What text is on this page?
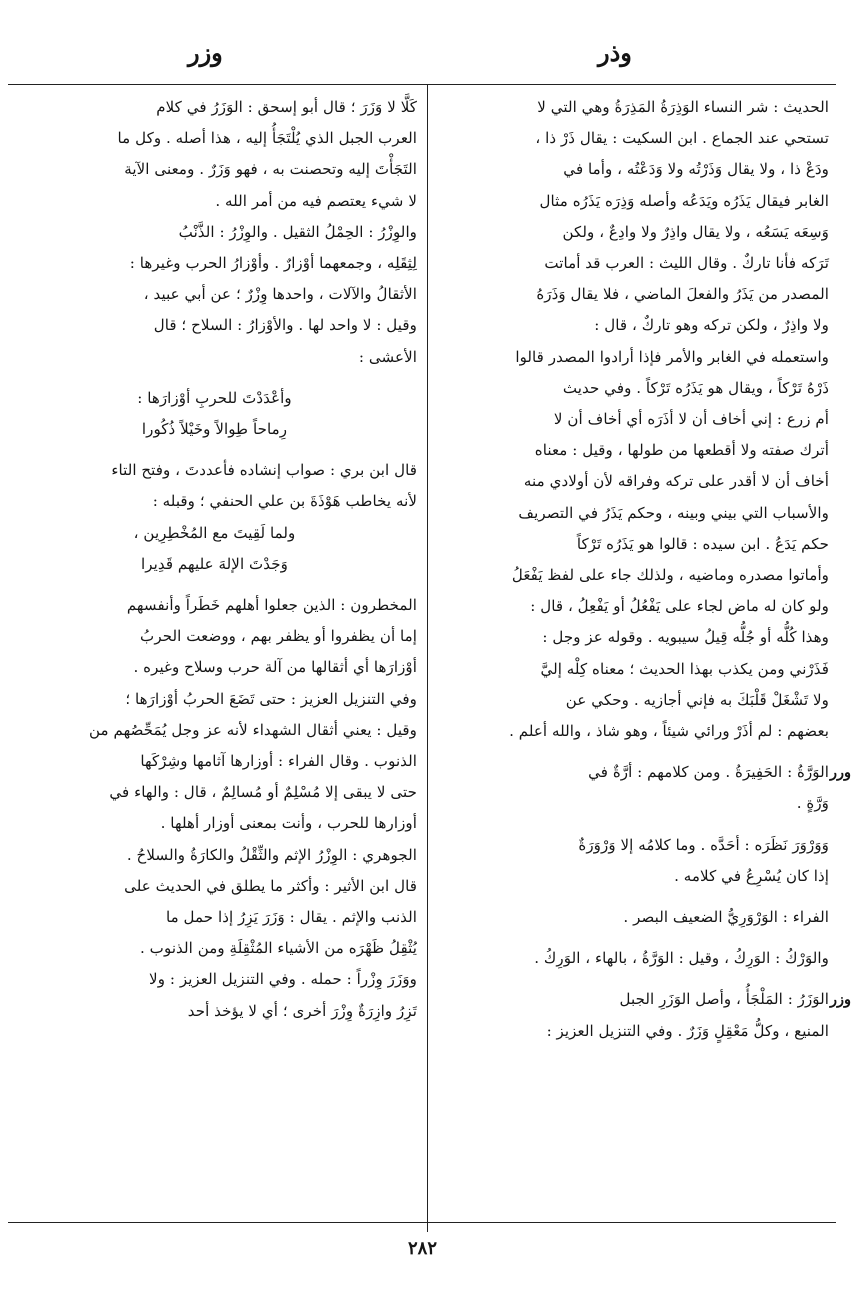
وزر	وذر
الحديث : شر النساء الوَذِرَةُ المَذِرَةُ وهي التي لا
تستحي عند الجماع . ابن السكيت : يقال ذَرْ ذا ،
ودَعْ ذا ، ولا يقال وَذَرْتُه ولا وَدَعْتُه ، وأما في
الغابر فيقال يَذَرُه ويَدَعُه وأصله وَذِرَه يَذَرُه مثال
وَسِعَه يَسَعُه ، ولا يقال واذِرٌ ولا وادِعٌ ، ولكن
تَرَكه فأنا تاركٌ . وقال الليث : العرب قد أماتت
المصدر من يَذَرُ والفعلَ الماضي ، فلا يقال وَذَرَهُ
ولا واذِرٌ ، ولكن تركه وهو تاركٌ ، قال :
واستعمله في الغابر والأمر فإذا أرادوا المصدر قالوا
ذَرْهُ تَرْكاً ، ويقال هو يَذَرُه تَرْكاً . وفي حديث
أم زرع : إني أخاف أن لا أذَرَه أي أخاف أن لا
أترك صفته ولا أقطعها من طولها ، وقيل : معناه
أخاف أن لا أقدر على تركه وفراقه لأن أولادي منه
والأسباب التي بيني وبينه ، وحكم يَذَرُ في التصريف
حكم يَدَعُ . ابن سيده : قالوا هو يَذَرُه تَرْكاً
وأماتوا مصدره وماضيه ، ولذلك جاء على لفظ يَفْعَلُ
ولو كان له ماض لجاء على يَفْعُلُ أو يَفْعِلُ ، قال :
وهذا كُلُّه أو جُلُّه قِيلُ سيبويه . وقوله عز وجل :
فَذَرْني ومن يكذب بهذا الحديث ؛ معناه كِلْه إليَّ
ولا تَشْغَلْ قَلْبَكَ به فإني أجازيه . وحكي عن
بعضهم : لم أذَرْ ورائي شيئاً ، وهو شاذ ، والله أعلم .
ورر
الوَرَّةُ : الحَفِيرَةُ . ومن كلامهم : أرَّةٌ في
وَرَّةٍ .
وَوَرْوَرَ نَظَرَه : أحَدَّه . وما كلامُه إلا وَرْوَرَةٌ
إذا كان يُسْرِعُ في كلامه .
الفراء : الوَرْوَرِيُّ الضعيف البصر .
والوَرْكُ : الوَرِكُ ، وقيل : الوَرَّةُ ، بالهاء ، الوَرِكُ .
وزر
الوَزَرُ : المَلْجَأُ ، وأصل الوَزَرِ الجبل
المنيع ، وكلُّ مَعْقِلٍ وَزَرٌ . وفي التنزيل العزيز :
كَلَّا لا وَزَرَ ؛ قال أبو إسحق : الوَزَرُ في كلام
العرب الجبل الذي يُلْتَجَأُ إليه ، هذا أصله . وكل ما
التَجَأْتَ إليه وتحصنت به ، فهو وَزَرٌ . ومعنى الآية
لا شيء يعتصم فيه من أمر الله .
والوِزْرُ : الحِمْلُ الثقيل . والوِزْرُ : الذَّنْبُ
لِثِقَلِه ، وجمعهما أوْزارٌ . وأوْزارُ الحرب وغيرها :
الأثقالُ والآلات ، واحدها وِزْرٌ ؛ عن أبي عبيد ،
وقيل : لا واحد لها . والأوْزارُ : السلاح ؛ قال
الأعشى :
وأعْدَدْتَ للحربِ أوْزارَها :
رِماحاً طِوالاً وخَيْلاً ذُكُورا
قال ابن بري : صواب إنشاده فأعددتَ ، وفتح التاء
لأنه يخاطب هَوْذَةَ بن علي الحنفي ؛ وقبله :
ولما لَقِيتَ مع المُخْطِرِين ،
وَجَدْتَ الإلهَ عليهم قَدِيرا
المخطرون : الذين جعلوا أهلهم خَطَراً وأنفسهم
إما أن يظفروا أو يظفر بهم ، ووضعت الحربُ
أوْزارَها أي أثقالها من آلة حرب وسلاح وغيره .
وفي التنزيل العزيز : حتى تَضَعَ الحربُ أوْزارَها ؛
وقيل : يعني أثقال الشهداء لأنه عز وجل يُمَحِّصُهم من
الذنوب . وقال الفراء : أوزارها آثامها وشِرْكَها
حتى لا يبقى إلا مُسْلِمٌ أو مُسالِمٌ ، قال : والهاء في
أوزارها للحرب ، وأنت بمعنى أوزار أهلها .
الجوهري : الوِزْرُ الإثم والثِّقْلُ والكارَةُ والسلاحُ .
قال ابن الأثير : وأكثر ما يطلق في الحديث على
الذنب والإثم . يقال : وَزَرَ يَزِرُ إذا حمل ما
يُثْقِلُ ظَهْرَه من الأشياء المُثْقِلَةِ ومن الذنوب .
ووَزَرَ وِزْراً : حمله . وفي التنزيل العزيز : ولا
تَزِرُ وازِرَةٌ وِزْرَ أخرى ؛ أي لا يؤخذ أحد
٢٨٢
